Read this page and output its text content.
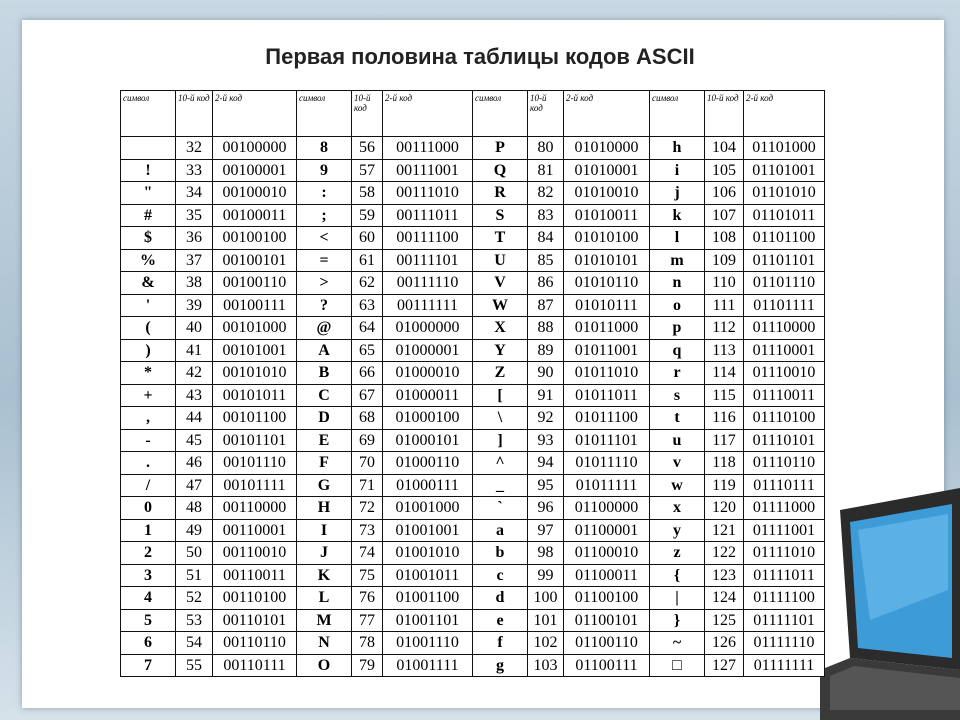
Первая половина таблицы кодов ASCII
символ	10-й код	2-й код	символ	10-й код	2-й код	символ	10-й код	2-й код	символ	10-й код	2-й код
	32	00100000	8	56	00111000	P	80	01010000	h	104	01101000
!	33	00100001	9	57	00111001	Q	81	01010001	i	105	01101001
"	34	00100010	:	58	00111010	R	82	01010010	j	106	01101010
#	35	00100011	;	59	00111011	S	83	01010011	k	107	01101011
$	36	00100100	<	60	00111100	T	84	01010100	l	108	01101100
%	37	00100101	=	61	00111101	U	85	01010101	m	109	01101101
&	38	00100110	>	62	00111110	V	86	01010110	n	110	01101110
'	39	00100111	?	63	00111111	W	87	01010111	o	111	01101111
(	40	00101000	@	64	01000000	X	88	01011000	p	112	01110000
)	41	00101001	A	65	01000001	Y	89	01011001	q	113	01110001
*	42	00101010	B	66	01000010	Z	90	01011010	r	114	01110010
+	43	00101011	C	67	01000011	[	91	01011011	s	115	01110011
,	44	00101100	D	68	01000100	\	92	01011100	t	116	01110100
-	45	00101101	E	69	01000101	]	93	01011101	u	117	01110101
.	46	00101110	F	70	01000110	^	94	01011110	v	118	01110110
/	47	00101111	G	71	01000111	_	95	01011111	w	119	01110111
0	48	00110000	H	72	01001000	`	96	01100000	x	120	01111000
1	49	00110001	I	73	01001001	a	97	01100001	y	121	01111001
2	50	00110010	J	74	01001010	b	98	01100010	z	122	01111010
3	51	00110011	K	75	01001011	c	99	01100011	{	123	01111011
4	52	00110100	L	76	01001100	d	100	01100100	|	124	01111100
5	53	00110101	M	77	01001101	e	101	01100101	}	125	01111101
6	54	00110110	N	78	01001110	f	102	01100110	~	126	01111110
7	55	00110111	O	79	01001111	g	103	01100111	□	127	01111111
